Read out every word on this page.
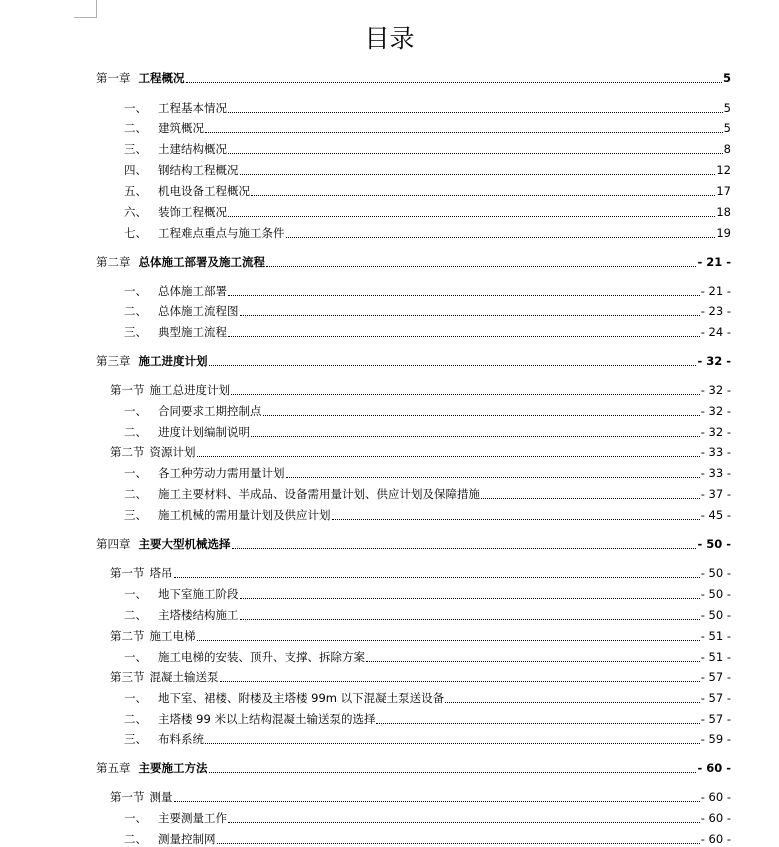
目录
第一章 工程概况	5
一、 工程基本情况	5
二、 建筑概况	5
三、 土建结构概况	8
四、 钢结构工程概况	12
五、 机电设备工程概况	17
六、 装饰工程概况	18
七、 工程难点重点与施工条件	19
第二章 总体施工部署及施工流程	- 21 -
一、 总体施工部署	- 21 -
二、 总体施工流程图	- 23 -
三、 典型施工流程	- 24 -
第三章 施工进度计划	- 32 -
第一节 施工总进度计划	- 32 -
一、 合同要求工期控制点	- 32 -
二、 进度计划编制说明	- 32 -
第二节 资源计划	- 33 -
一、 各工种劳动力需用量计划	- 33 -
二、 施工主要材料、半成品、设备需用量计划、供应计划及保障措施	- 37 -
三、 施工机械的需用量计划及供应计划	- 45 -
第四章 主要大型机械选择	- 50 -
第一节 塔吊	- 50 -
一、 地下室施工阶段	- 50 -
二、 主塔楼结构施工	- 50 -
第二节 施工电梯	- 51 -
一、 施工电梯的安装、顶升、支撑、拆除方案	- 51 -
第三节 混凝土输送泵	- 57 -
一、 地下室、裙楼、附楼及主塔楼 99m 以下混凝土泵送设备	- 57 -
二、 主塔楼 99 米以上结构混凝土输送泵的选择	- 57 -
三、 布料系统	- 59 -
第五章 主要施工方法	- 60 -
第一节 测量	- 60 -
一、 主要测量工作	- 60 -
二、 测量控制网	- 60 -
